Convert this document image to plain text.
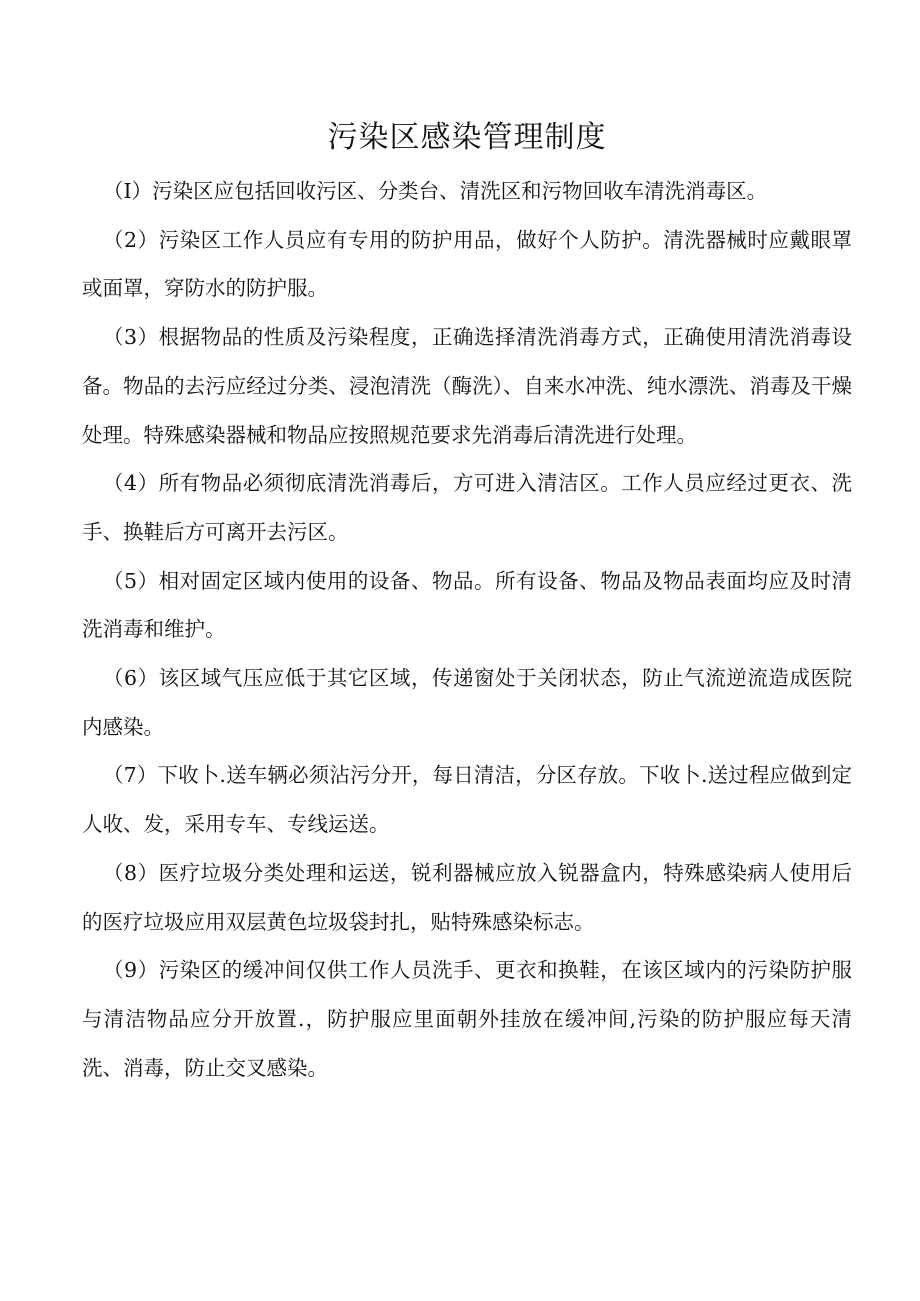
污染区感染管理制度

（I）污染区应包括回收污区、分类台、清洗区和污物回收车清洗消毒区。

（2）污染区工作人员应有专用的防护用品，做好个人防护。清洗器械时应戴眼罩或面罩，穿防水的防护服。

（3）根据物品的性质及污染程度，正确选择清洗消毒方式，正确使用清洗消毒设备。物品的去污应经过分类、浸泡清洗（酶洗）、自来水冲洗、纯水漂洗、消毒及干燥处理。特殊感染器械和物品应按照规范要求先消毒后清洗进行处理。

（4）所有物品必须彻底清洗消毒后，方可进入清洁区。工作人员应经过更衣、洗手、换鞋后方可离开去污区。

（5）相对固定区域内使用的设备、物品。所有设备、物品及物品表面均应及时清洗消毒和维护。

（6）该区域气压应低于其它区域，传递窗处于关闭状态，防止气流逆流造成医院内感染。

（7）下收卜.送车辆必须沾污分开，每日清洁，分区存放。下收卜.送过程应做到定人收、发，采用专车、专线运送。

（8）医疗垃圾分类处理和运送，锐利器械应放入锐器盒内，特殊感染病人使用后的医疗垃圾应用双层黄色垃圾袋封扎，贴特殊感染标志。

（9）污染区的缓冲间仅供工作人员洗手、更衣和换鞋，在该区域内的污染防护服与清洁物品应分开放置.，防护服应里面朝外挂放在缓冲间,污染的防护服应每天清洗、消毒，防止交叉感染。
